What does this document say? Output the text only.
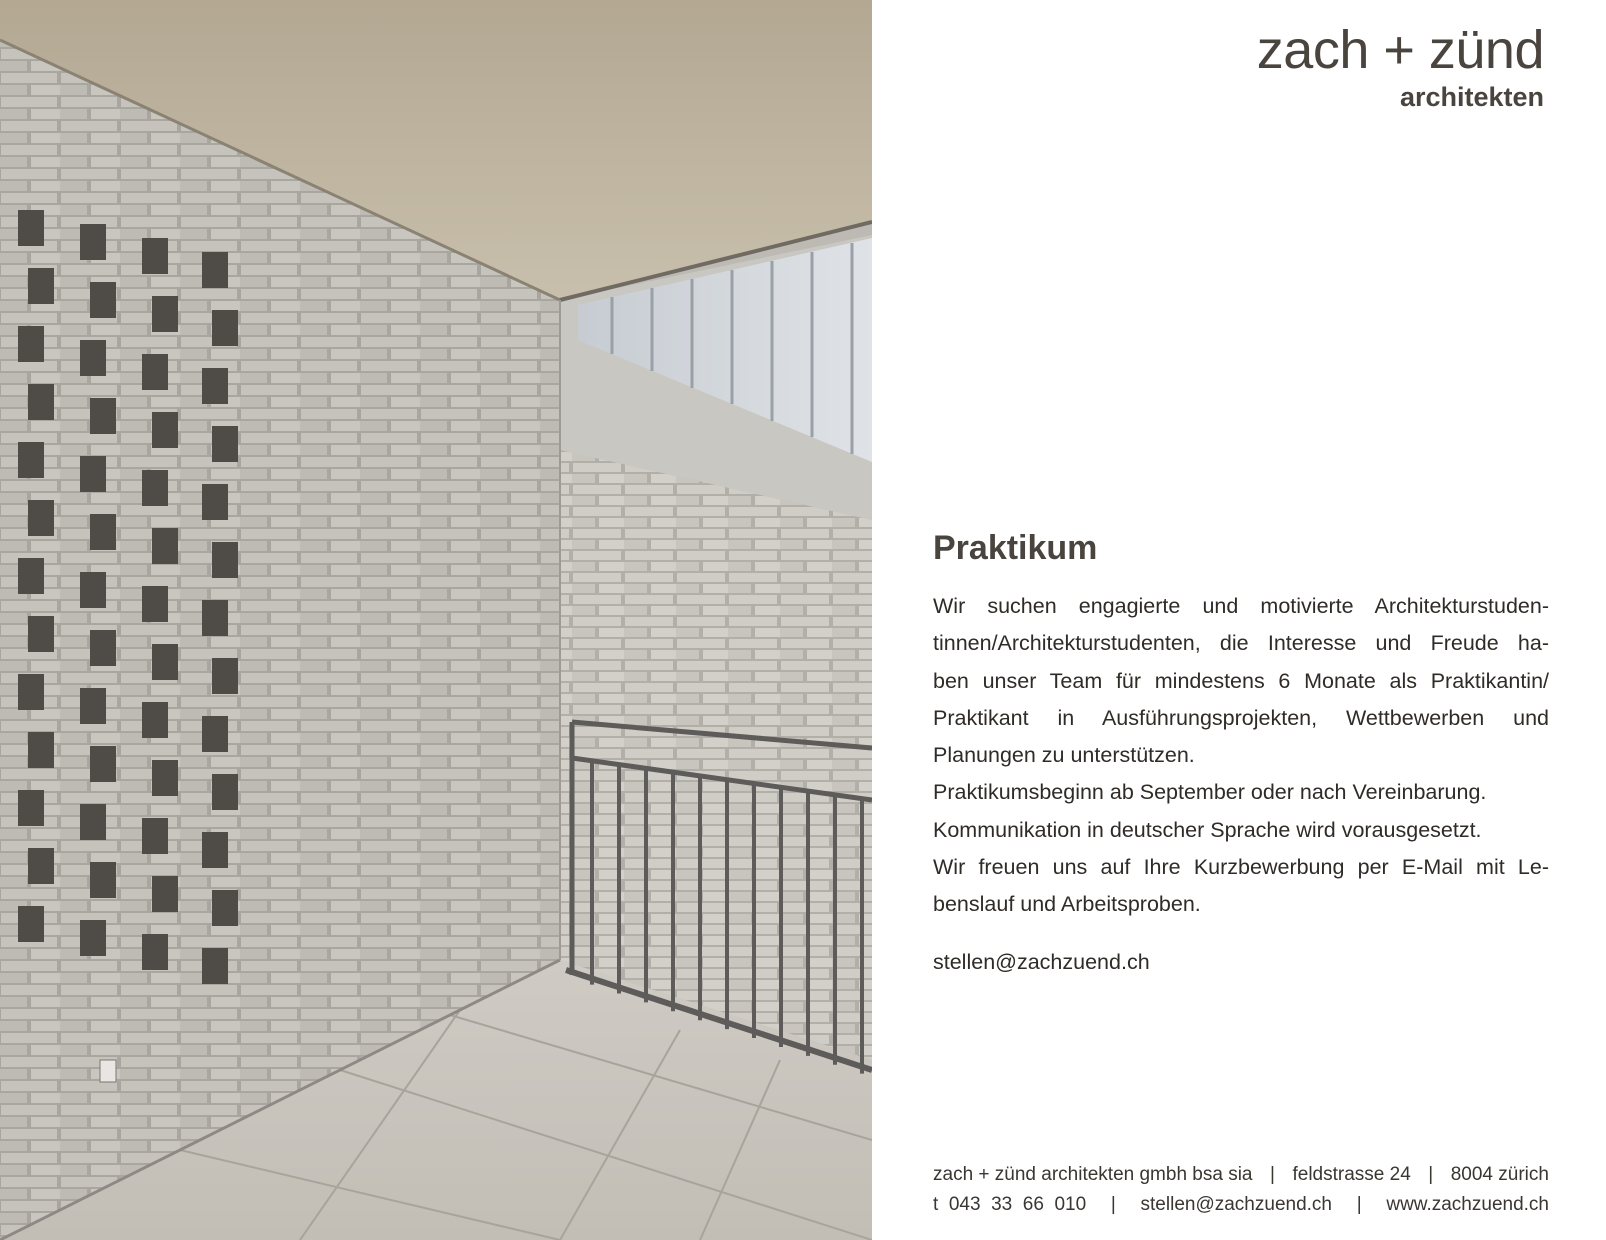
zach + zünd
architekten
Praktikum

Wir suchen engagierte und motivierte Architekturstuden-

tinnen/Architekturstudenten, die Interesse und Freude ha-

ben unser Team für mindestens 6 Monate als Praktikantin/

Praktikant in Ausführungsprojekten, Wettbewerben und

Planungen zu unterstützen.

Praktikumsbeginn ab September oder nach Vereinbarung.

Kommunikation in deutscher Sprache wird vorausgesetzt.

Wir freuen uns auf Ihre Kurzbewerbung per E-Mail mit Le-

benslauf und Arbeitsproben.

stellen@zachzuend.ch
zach + zünd architekten gmbh bsa sia | feldstrasse 24 | 8004 zürich
t  043  33  66  010 | stellen@zachzuend.ch | www.zachzuend.ch
